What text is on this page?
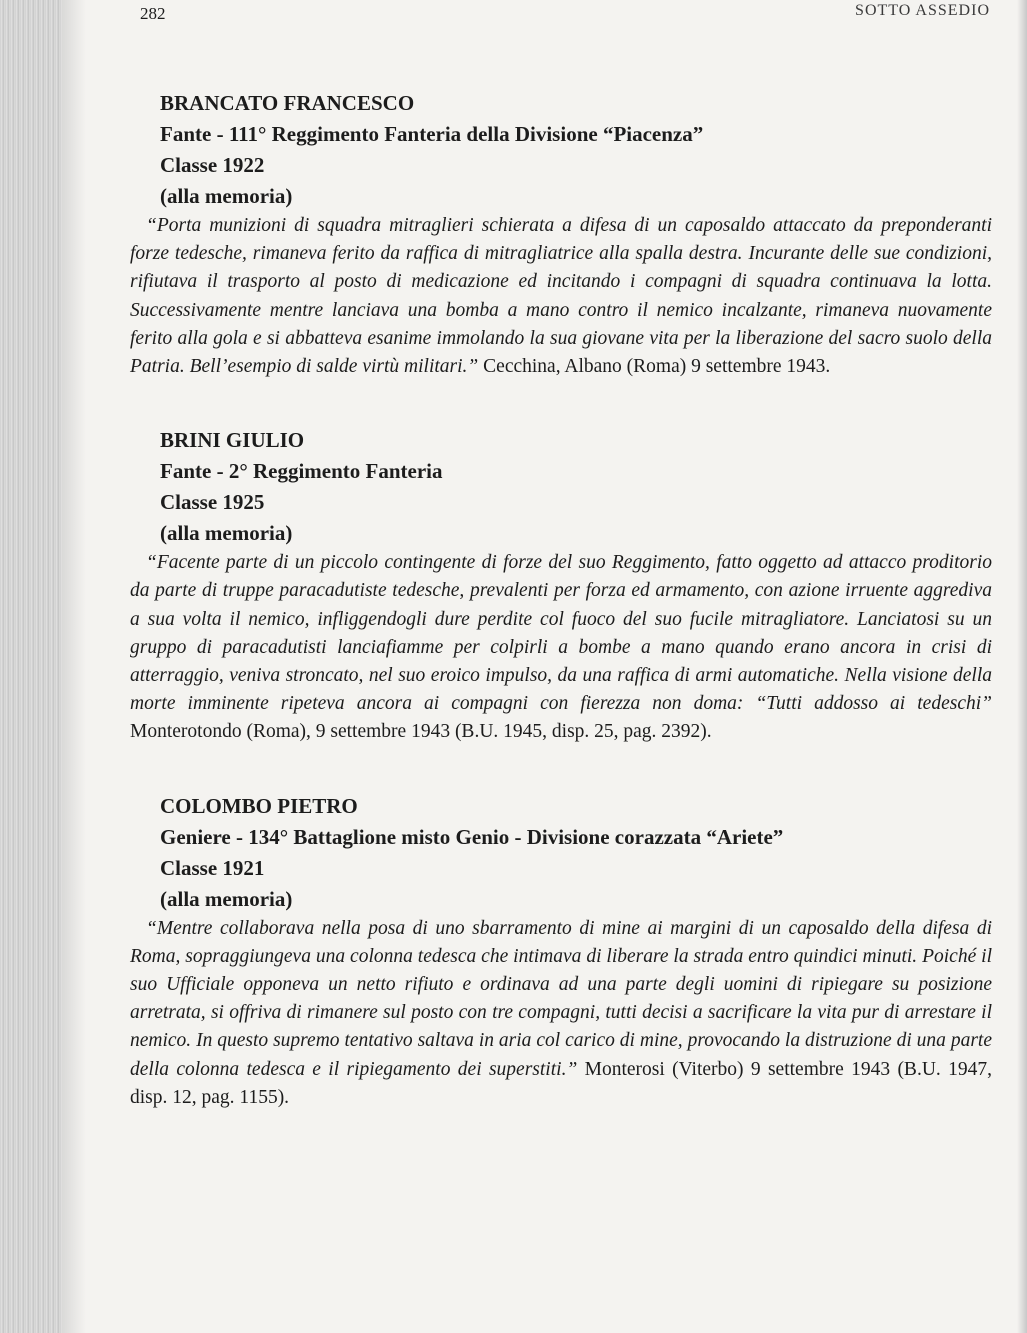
282	SOTTO ASSEDIO
BRANCATO FRANCESCO
Fante - 111° Reggimento Fanteria della Divisione “Piacenza”
Classe 1922
(alla memoria)

“Porta munizioni di squadra mitraglieri schierata a difesa di un caposaldo attaccato da preponderanti forze tedesche, rimaneva ferito da raffica di mitragliatrice alla spalla destra. Incurante delle sue condizioni, rifiutava il trasporto al posto di medicazione ed incitando i compagni di squadra continuava la lotta. Successivamente mentre lanciava una bomba a mano contro il nemico incalzante, rimaneva nuovamente ferito alla gola e si abbatteva esanime immolando la sua giovane vita per la liberazione del sacro suolo della Patria. Bell’esempio di salde virtù militari.” Cecchina, Albano (Roma) 9 settembre 1943.

BRINI GIULIO
Fante - 2° Reggimento Fanteria
Classe 1925
(alla memoria)

“Facente parte di un piccolo contingente di forze del suo Reggimento, fatto oggetto ad attacco proditorio da parte di truppe paracadutiste tedesche, prevalenti per forza ed armamento, con azione irruente aggrediva a sua volta il nemico, infliggendogli dure perdite col fuoco del suo fucile mitragliatore. Lanciatosi su un gruppo di paracadutisti lanciafiamme per colpirli a bombe a mano quando erano ancora in crisi di atterraggio, veniva stroncato, nel suo eroico impulso, da una raffica di armi automatiche. Nella visione della morte imminente ripeteva ancora ai compagni con fierezza non doma: “Tutti addosso ai tedeschi” Monterotondo (Roma), 9 settembre 1943 (B.U. 1945, disp. 25, pag. 2392).

COLOMBO PIETRO
Geniere - 134° Battaglione misto Genio - Divisione corazzata “Ariete”
Classe 1921
(alla memoria)

“Mentre collaborava nella posa di uno sbarramento di mine ai margini di un caposaldo della difesa di Roma, sopraggiungeva una colonna tedesca che intimava di liberare la strada entro quindici minuti. Poiché il suo Ufficiale opponeva un netto rifiuto e ordinava ad una parte degli uomini di ripiegare su posizione arretrata, si offriva di rimanere sul posto con tre compagni, tutti decisi a sacrificare la vita pur di arrestare il nemico. In questo supremo tentativo saltava in aria col carico di mine, provocando la distruzione di una parte della colonna tedesca e il ripiegamento dei superstiti.” Monterosi (Viterbo) 9 settembre 1943 (B.U. 1947, disp. 12, pag. 1155).
